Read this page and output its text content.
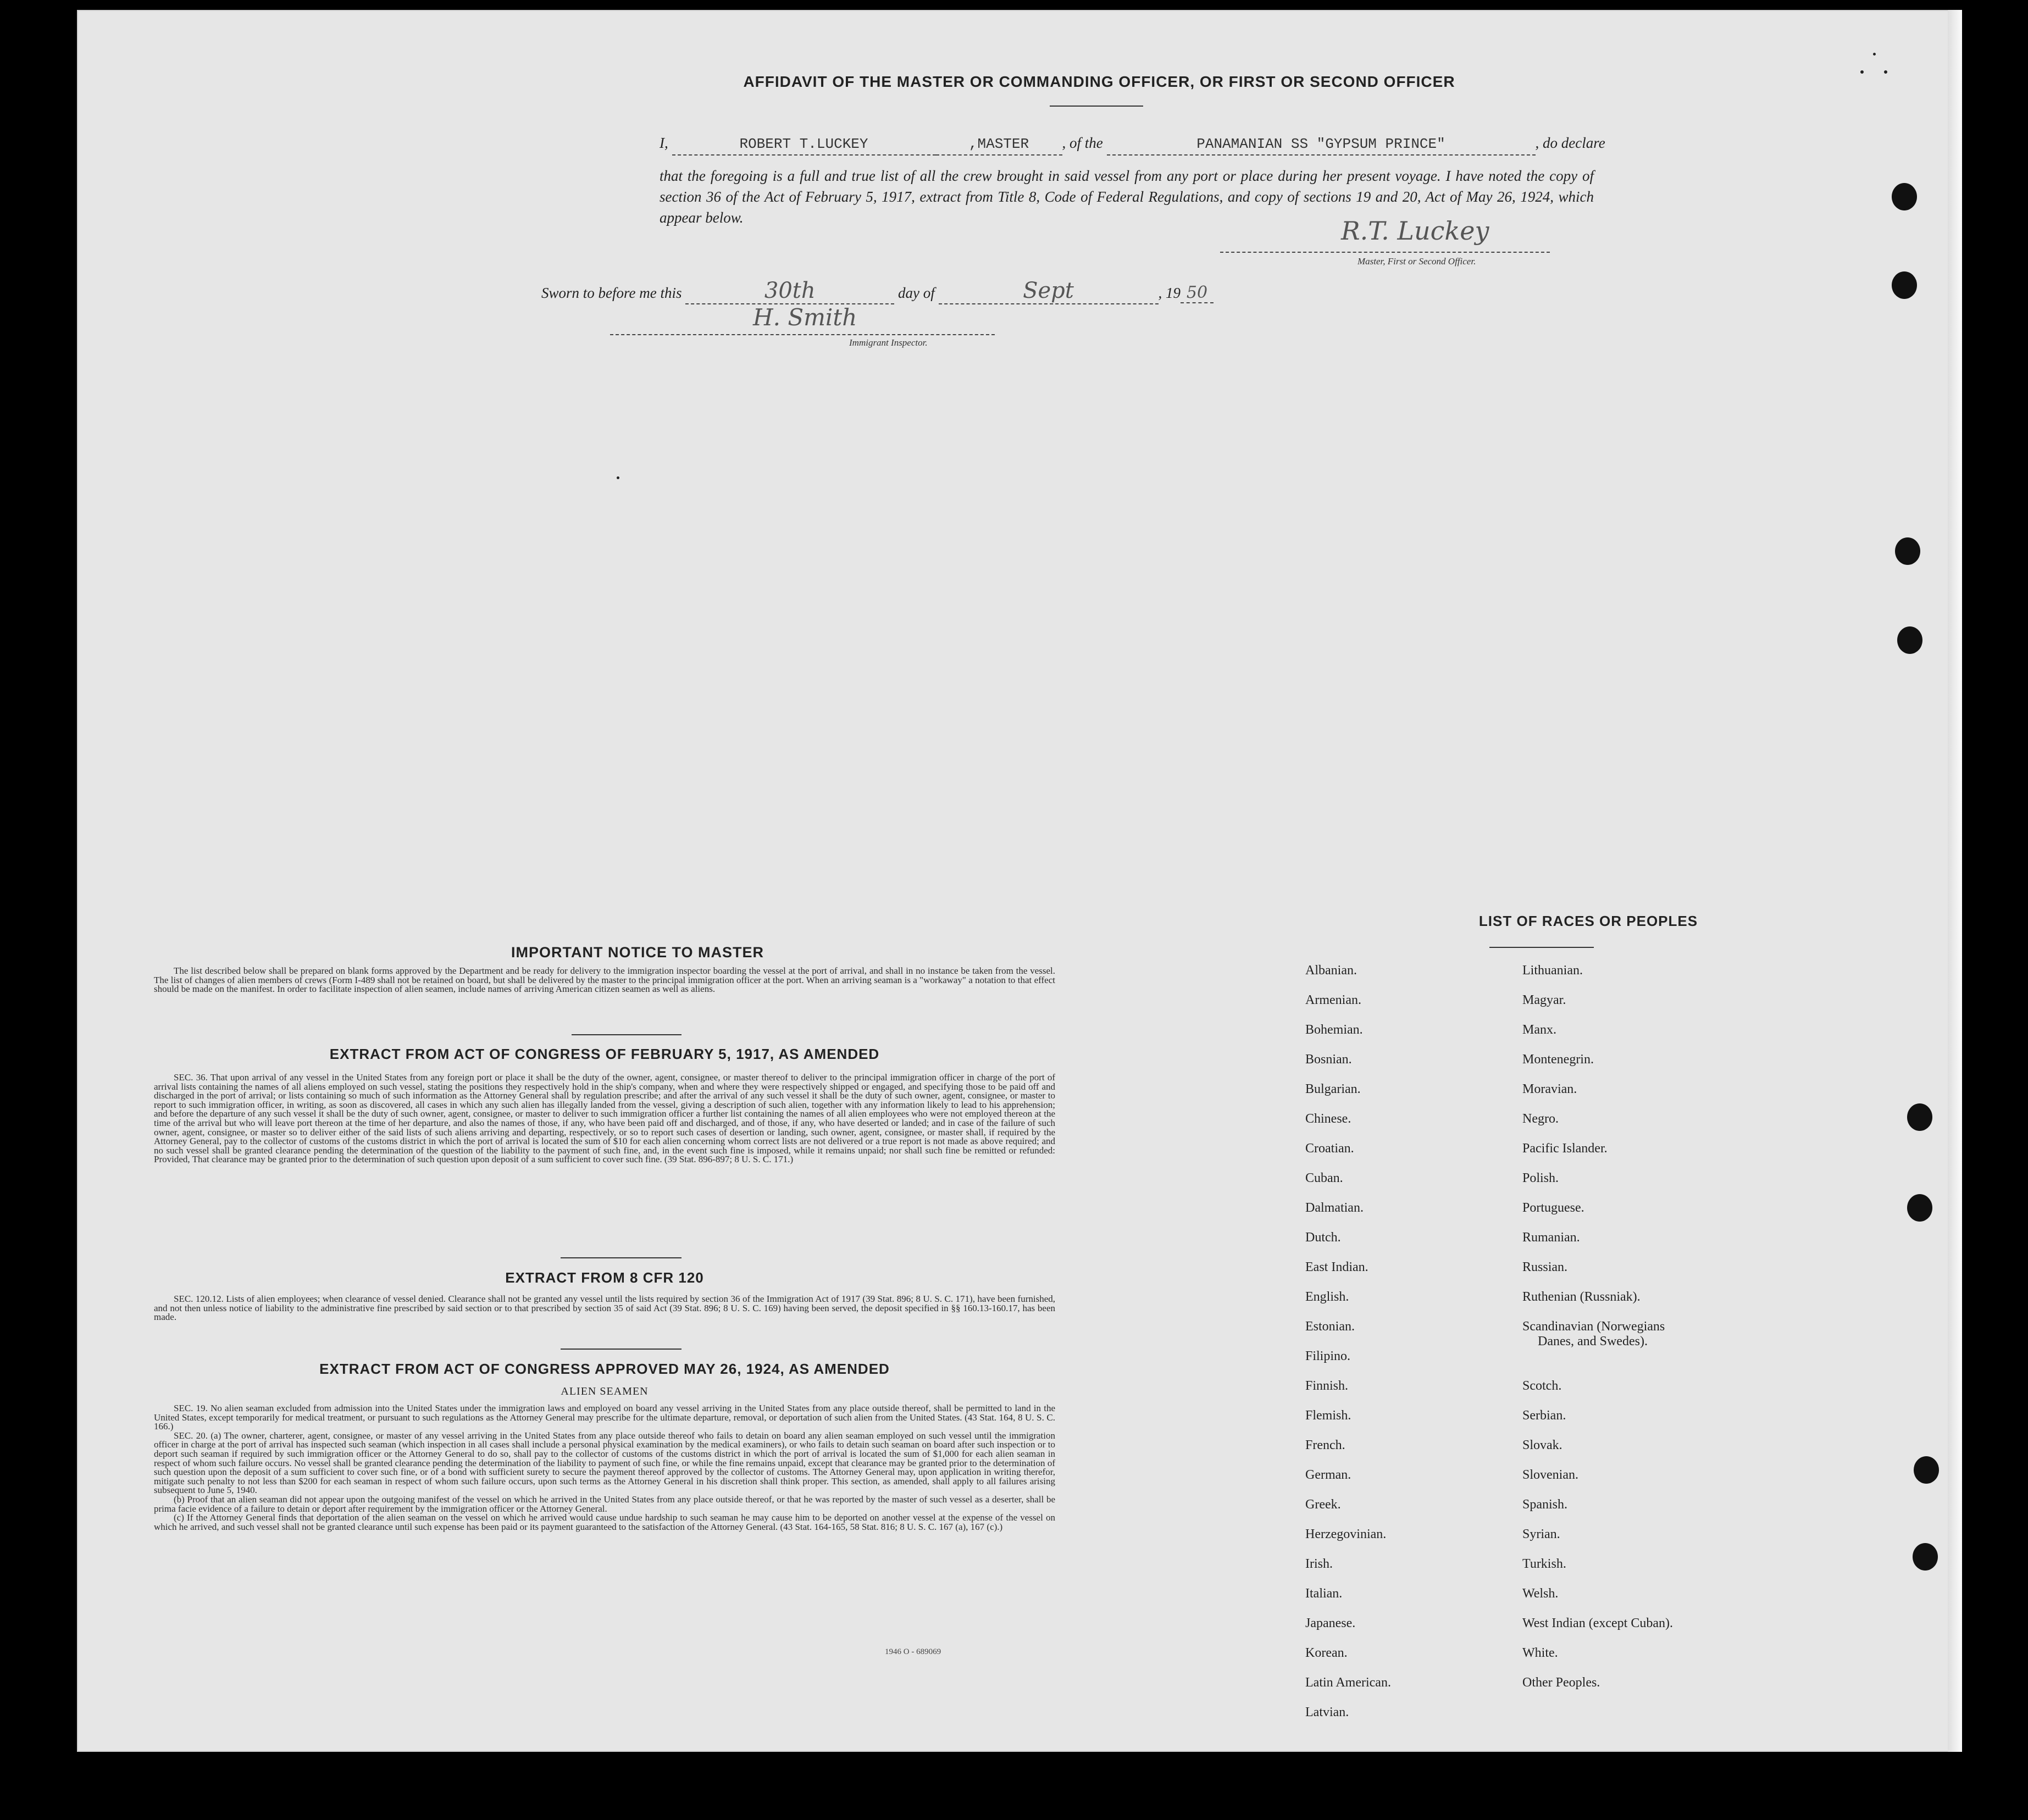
AFFIDAVIT OF THE MASTER OR COMMANDING OFFICER, OR FIRST OR SECOND OFFICER
I,	ROBERT T.LUCKEY	,MASTER , of the	PANAMANIAN SS "GYPSUM PRINCE"	, do declare
that the foregoing is a full and true list of all the crew brought in said vessel from any port or place during her present voyage. I have noted the copy of section 36 of the Act of February 5, 1917, extract from Title 8, Code of Federal Regulations, and copy of sections 19 and 20, Act of May 26, 1924, which appear below.	R.T. Luckey
Master, First or Second Officer.
Sworn to before me this	30th	day of	Sept	, 19 50
H. Smith
Immigrant Inspector.
IMPORTANT NOTICE TO MASTER

The list described below shall be prepared on blank forms approved by the Department and be ready for delivery to the immigration inspector boarding the vessel at the port of arrival, and shall in no instance be taken from the vessel. The list of changes of alien members of crews (Form I-489 shall not be retained on board, but shall be delivered by the master to the principal immigration officer at the port. When an arriving seaman is a "workaway" a notation to that effect should be made on the manifest. In order to facilitate inspection of alien seamen, include names of arriving American citizen seamen as well as aliens.

EXTRACT FROM ACT OF CONGRESS OF FEBRUARY 5, 1917, AS AMENDED

SEC. 36. That upon arrival of any vessel in the United States from any foreign port or place it shall be the duty of the owner, agent, consignee, or master thereof to deliver to the principal immigration officer in charge of the port of arrival lists containing the names of all aliens employed on such vessel, stating the positions they respectively hold in the ship's company, when and where they were respectively shipped or engaged, and specifying those to be paid off and discharged in the port of arrival; or lists containing so much of such information as the Attorney General shall by regulation prescribe; and after the arrival of any such vessel it shall be the duty of such owner, agent, consignee, or master to report to such immigration officer, in writing, as soon as discovered, all cases in which any such alien has illegally landed from the vessel, giving a description of such alien, together with any information likely to lead to his apprehension; and before the departure of any such vessel it shall be the duty of such owner, agent, consignee, or master to deliver to such immigration officer a further list containing the names of all alien employees who were not employed thereon at the time of the arrival but who will leave port thereon at the time of her departure, and also the names of those, if any, who have been paid off and discharged, and of those, if any, who have deserted or landed; and in case of the failure of such owner, agent, consignee, or master so to deliver either of the said lists of such aliens arriving and departing, respectively, or so to report such cases of desertion or landing, such owner, agent, consignee, or master shall, if required by the Attorney General, pay to the collector of customs of the customs district in which the port of arrival is located the sum of $10 for each alien concerning whom correct lists are not delivered or a true report is not made as above required; and no such vessel shall be granted clearance pending the determination of the question of the liability to the payment of such fine, and, in the event such fine is imposed, while it remains unpaid; nor shall such fine be remitted or refunded: Provided, That clearance may be granted prior to the determination of such question upon deposit of a sum sufficient to cover such fine. (39 Stat. 896-897; 8 U. S. C. 171.)

EXTRACT FROM 8 CFR 120

SEC. 120.12. Lists of alien employees; when clearance of vessel denied. Clearance shall not be granted any vessel until the lists required by section 36 of the Immigration Act of 1917 (39 Stat. 896; 8 U. S. C. 171), have been furnished, and not then unless notice of liability to the administrative fine prescribed by said section or to that prescribed by section 35 of said Act (39 Stat. 896; 8 U. S. C. 169) having been served, the deposit specified in §§ 160.13-160.17, has been made.

EXTRACT FROM ACT OF CONGRESS APPROVED MAY 26, 1924, AS AMENDED
ALIEN SEAMEN

SEC. 19. No alien seaman excluded from admission into the United States under the immigration laws and employed on board any vessel arriving in the United States from any place outside thereof, shall be permitted to land in the United States, except temporarily for medical treatment, or pursuant to such regulations as the Attorney General may prescribe for the ultimate departure, removal, or deportation of such alien from the United States. (43 Stat. 164, 8 U. S. C. 166.)

SEC. 20. (a) The owner, charterer, agent, consignee, or master of any vessel arriving in the United States from any place outside thereof who fails to detain on board any alien seaman employed on such vessel until the immigration officer in charge at the port of arrival has inspected such seaman (which inspection in all cases shall include a personal physical examination by the medical examiners), or who fails to detain such seaman on board after such inspection or to deport such seaman if required by such immigration officer or the Attorney General to do so, shall pay to the collector of customs of the customs district in which the port of arrival is located the sum of $1,000 for each alien seaman in respect of whom such failure occurs. No vessel shall be granted clearance pending the determination of the liability to payment of such fine, or while the fine remains unpaid, except that clearance may be granted prior to the determination of such question upon the deposit of a sum sufficient to cover such fine, or of a bond with sufficient surety to secure the payment thereof approved by the collector of customs. The Attorney General may, upon application in writing therefor, mitigate such penalty to not less than $200 for each seaman in respect of whom such failure occurs, upon such terms as the Attorney General in his discretion shall think proper. This section, as amended, shall apply to all failures arising subsequent to June 5, 1940.

(b) Proof that an alien seaman did not appear upon the outgoing manifest of the vessel on which he arrived in the United States from any place outside thereof, or that he was reported by the master of such vessel as a deserter, shall be prima facie evidence of a failure to detain or deport after requirement by the immigration officer or the Attorney General.

(c) If the Attorney General finds that deportation of the alien seaman on the vessel on which he arrived would cause undue hardship to such seaman he may cause him to be deported on another vessel at the expense of the vessel on which he arrived, and such vessel shall not be granted clearance until such expense has been paid or its payment guaranteed to the satisfaction of the Attorney General. (43 Stat. 164-165, 58 Stat. 816; 8 U. S. C. 167 (a), 167 (c).)

1946 O - 689069
LIST OF RACES OR PEOPLES
Albanian.
Armenian.
Bohemian.
Bosnian.
Bulgarian.
Chinese.
Croatian.
Cuban.
Dalmatian.
Dutch.
East Indian.
English.
Estonian.
Filipino.
Finnish.
Flemish.
French.
German.
Greek.
Herzegovinian.
Irish.
Italian.
Japanese.
Korean.
Latin American.
Latvian.
Lithuanian.
Magyar.
Manx.
Montenegrin.
Moravian.
Negro.
Pacific Islander.
Polish.
Portuguese.
Rumanian.
Russian.
Ruthenian (Russniak).
Scandinavian (Norwegians
Danes, and Swedes).
Scotch.
Serbian.
Slovak.
Slovenian.
Spanish.
Syrian.
Turkish.
Welsh.
West Indian (except Cuban).
White.
Other Peoples.
